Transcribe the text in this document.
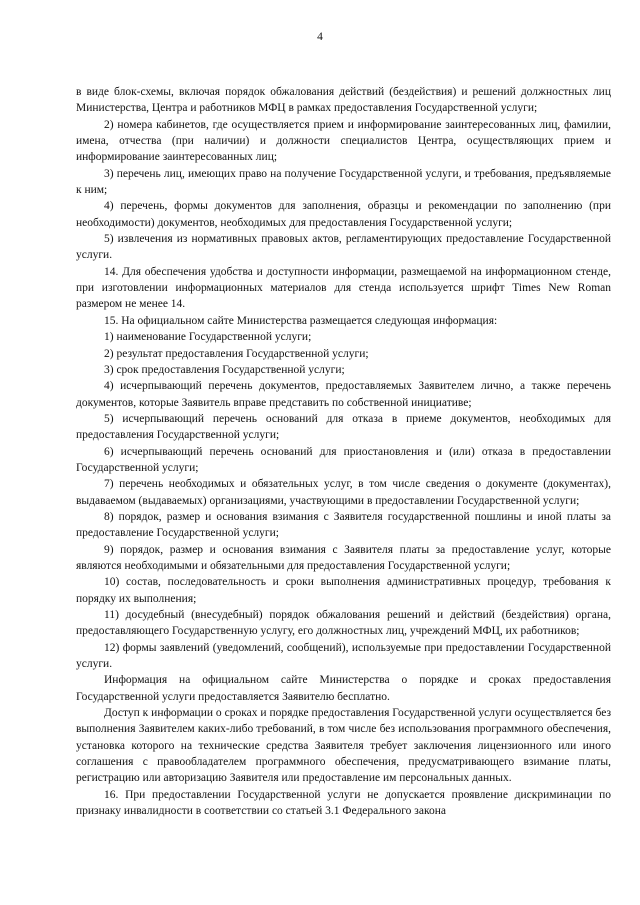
4

в виде блок-схемы, включая порядок обжалования действий (бездействия) и решений должностных лиц Министерства, Центра и работников МФЦ в рамках предоставления Государственной услуги;

2) номера кабинетов, где осуществляется прием и информирование заинтересованных лиц, фамилии, имена, отчества (при наличии) и должности специалистов Центра, осуществляющих прием и информирование заинтересованных лиц;

3) перечень лиц, имеющих право на получение Государственной услуги, и требования, предъявляемые к ним;

4) перечень, формы документов для заполнения, образцы и рекомендации по заполнению (при необходимости) документов, необходимых для предоставления Государственной услуги;

5) извлечения из нормативных правовых актов, регламентирующих предоставление Государственной услуги.

14. Для обеспечения удобства и доступности информации, размещаемой на информационном стенде, при изготовлении информационных материалов для стенда используется шрифт Times New Roman размером не менее 14.

15. На официальном сайте Министерства размещается следующая информация:

1) наименование Государственной услуги;

2) результат предоставления Государственной услуги;

3) срок предоставления Государственной услуги;

4) исчерпывающий перечень документов, предоставляемых Заявителем лично, а также перечень документов, которые Заявитель вправе представить по собственной инициативе;

5) исчерпывающий перечень оснований для отказа в приеме документов, необходимых для предоставления Государственной услуги;

6) исчерпывающий перечень оснований для приостановления и (или) отказа в предоставлении Государственной услуги;

7) перечень необходимых и обязательных услуг, в том числе сведения о документе (документах), выдаваемом (выдаваемых) организациями, участвующими в предоставлении Государственной услуги;

8) порядок, размер и основания взимания с Заявителя государственной пошлины и иной платы за предоставление Государственной услуги;

9) порядок, размер и основания взимания с Заявителя платы за предоставление услуг, которые являются необходимыми и обязательными для предоставления Государственной услуги;

10) состав, последовательность и сроки выполнения административных процедур, требования к порядку их выполнения;

11) досудебный (внесудебный) порядок обжалования решений и действий (бездействия) органа, предоставляющего Государственную услугу, его должностных лиц, учреждений МФЦ, их работников;

12) формы заявлений (уведомлений, сообщений), используемые при предоставлении Государственной услуги.

Информация на официальном сайте Министерства о порядке и сроках предоставления Государственной услуги предоставляется Заявителю бесплатно.

Доступ к информации о сроках и порядке предоставления Государственной услуги осуществляется без выполнения Заявителем каких-либо требований, в том числе без использования программного обеспечения, установка которого на технические средства Заявителя требует заключения лицензионного или иного соглашения с правообладателем программного обеспечения, предусматривающего взимание платы, регистрацию или авторизацию Заявителя или предоставление им персональных данных.

16. При предоставлении Государственной услуги не допускается проявление дискриминации по признаку инвалидности в соответствии со статьей 3.1 Федерального закона
